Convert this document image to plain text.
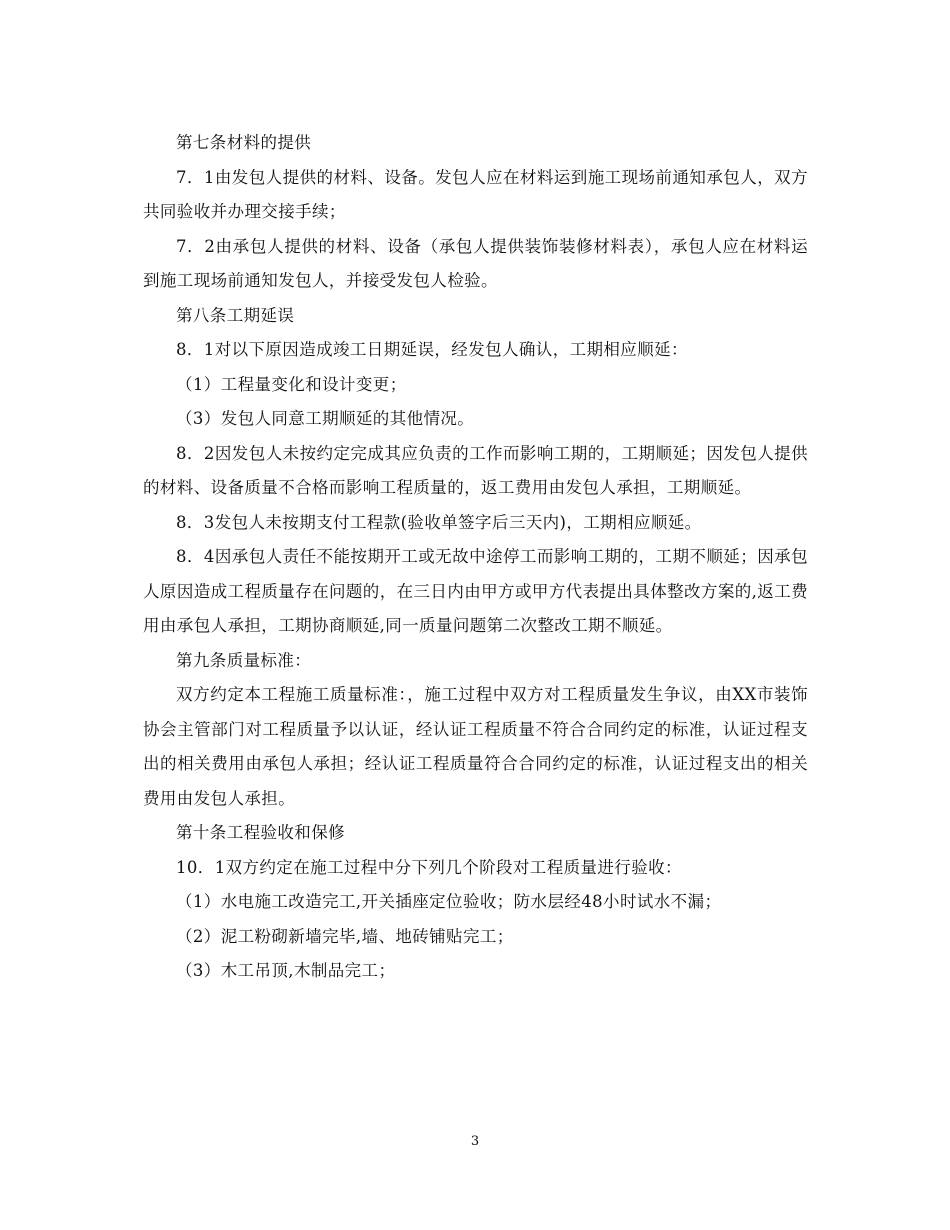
第七条材料的提供

7．1由发包人提供的材料、设备。发包人应在材料运到施工现场前通知承包人，双方共同验收并办理交接手续；

7．2由承包人提供的材料、设备（承包人提供装饰装修材料表），承包人应在材料运到施工现场前通知发包人，并接受发包人检验。

第八条工期延误

8．1对以下原因造成竣工日期延误，经发包人确认，工期相应顺延：

（1）工程量变化和设计变更；

（3）发包人同意工期顺延的其他情况。

8．2因发包人未按约定完成其应负责的工作而影响工期的，工期顺延；因发包人提供的材料、设备质量不合格而影响工程质量的，返工费用由发包人承担，工期顺延。

8．3发包人未按期支付工程款(验收单签字后三天内)，工期相应顺延。

8．4因承包人责任不能按期开工或无故中途停工而影响工期的，工期不顺延；因承包人原因造成工程质量存在问题的，在三日内由甲方或甲方代表提出具体整改方案的,返工费用由承包人承担，工期协商顺延,同一质量问题第二次整改工期不顺延。

第九条质量标准：

双方约定本工程施工质量标准：，施工过程中双方对工程质量发生争议，由XX市装饰协会主管部门对工程质量予以认证，经认证工程质量不符合合同约定的标准，认证过程支出的相关费用由承包人承担；经认证工程质量符合合同约定的标准，认证过程支出的相关费用由发包人承担。

第十条工程验收和保修

10．1双方约定在施工过程中分下列几个阶段对工程质量进行验收：

（1）水电施工改造完工,开关插座定位验收；防水层经48小时试水不漏；

（2）泥工粉砌新墙完毕,墙、地砖铺贴完工；

（3）木工吊顶,木制品完工；

3
